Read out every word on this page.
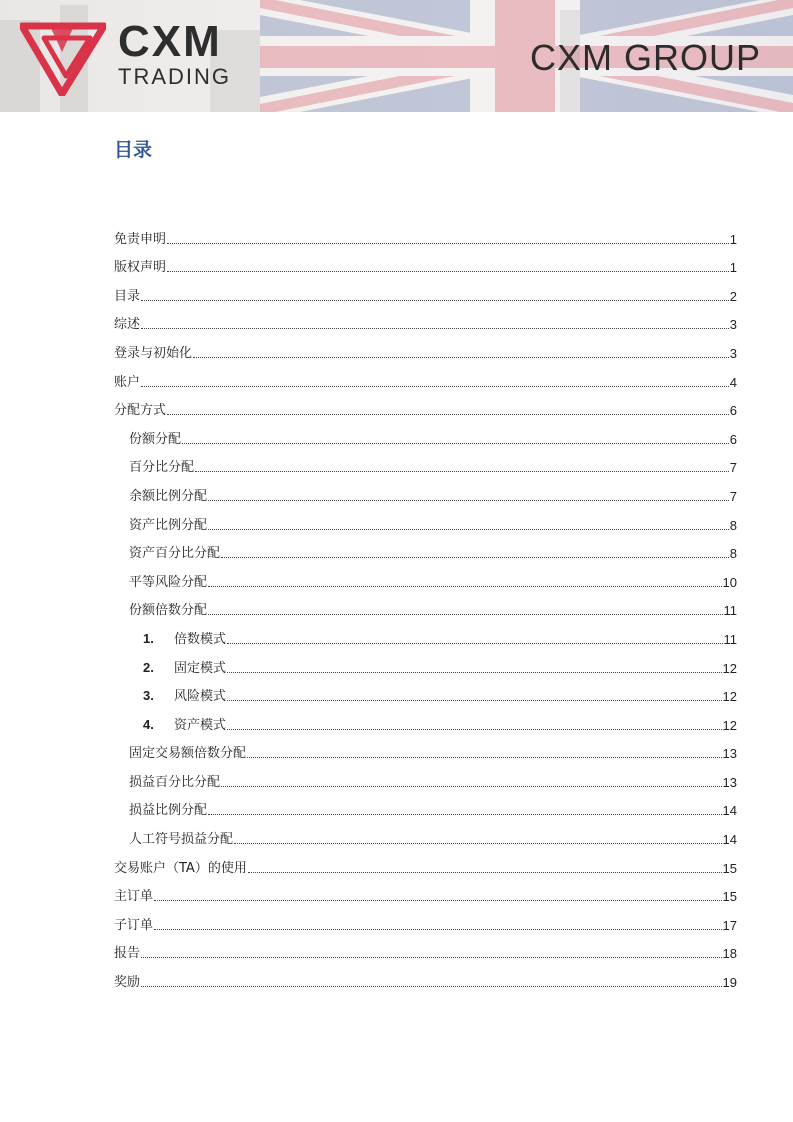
CXM
TRADING	CXM GROUP
目录
免责申明	1
版权声明	1
目录	2
综述	3
登录与初始化	3
账户	4
分配方式	6
份额分配	6
百分比分配	7
余额比例分配	7
资产比例分配	8
资产百分比分配	8
平等风险分配	10
份额倍数分配	11
1. 倍数模式	11
2. 固定模式	12
3. 风险模式	12
4. 资产模式	12
固定交易额倍数分配	13
损益百分比分配	13
损益比例分配	14
人工符号损益分配	14
交易账户（TA）的使用	15
主订单	15
子订单	17
报告	18
奖励	19
